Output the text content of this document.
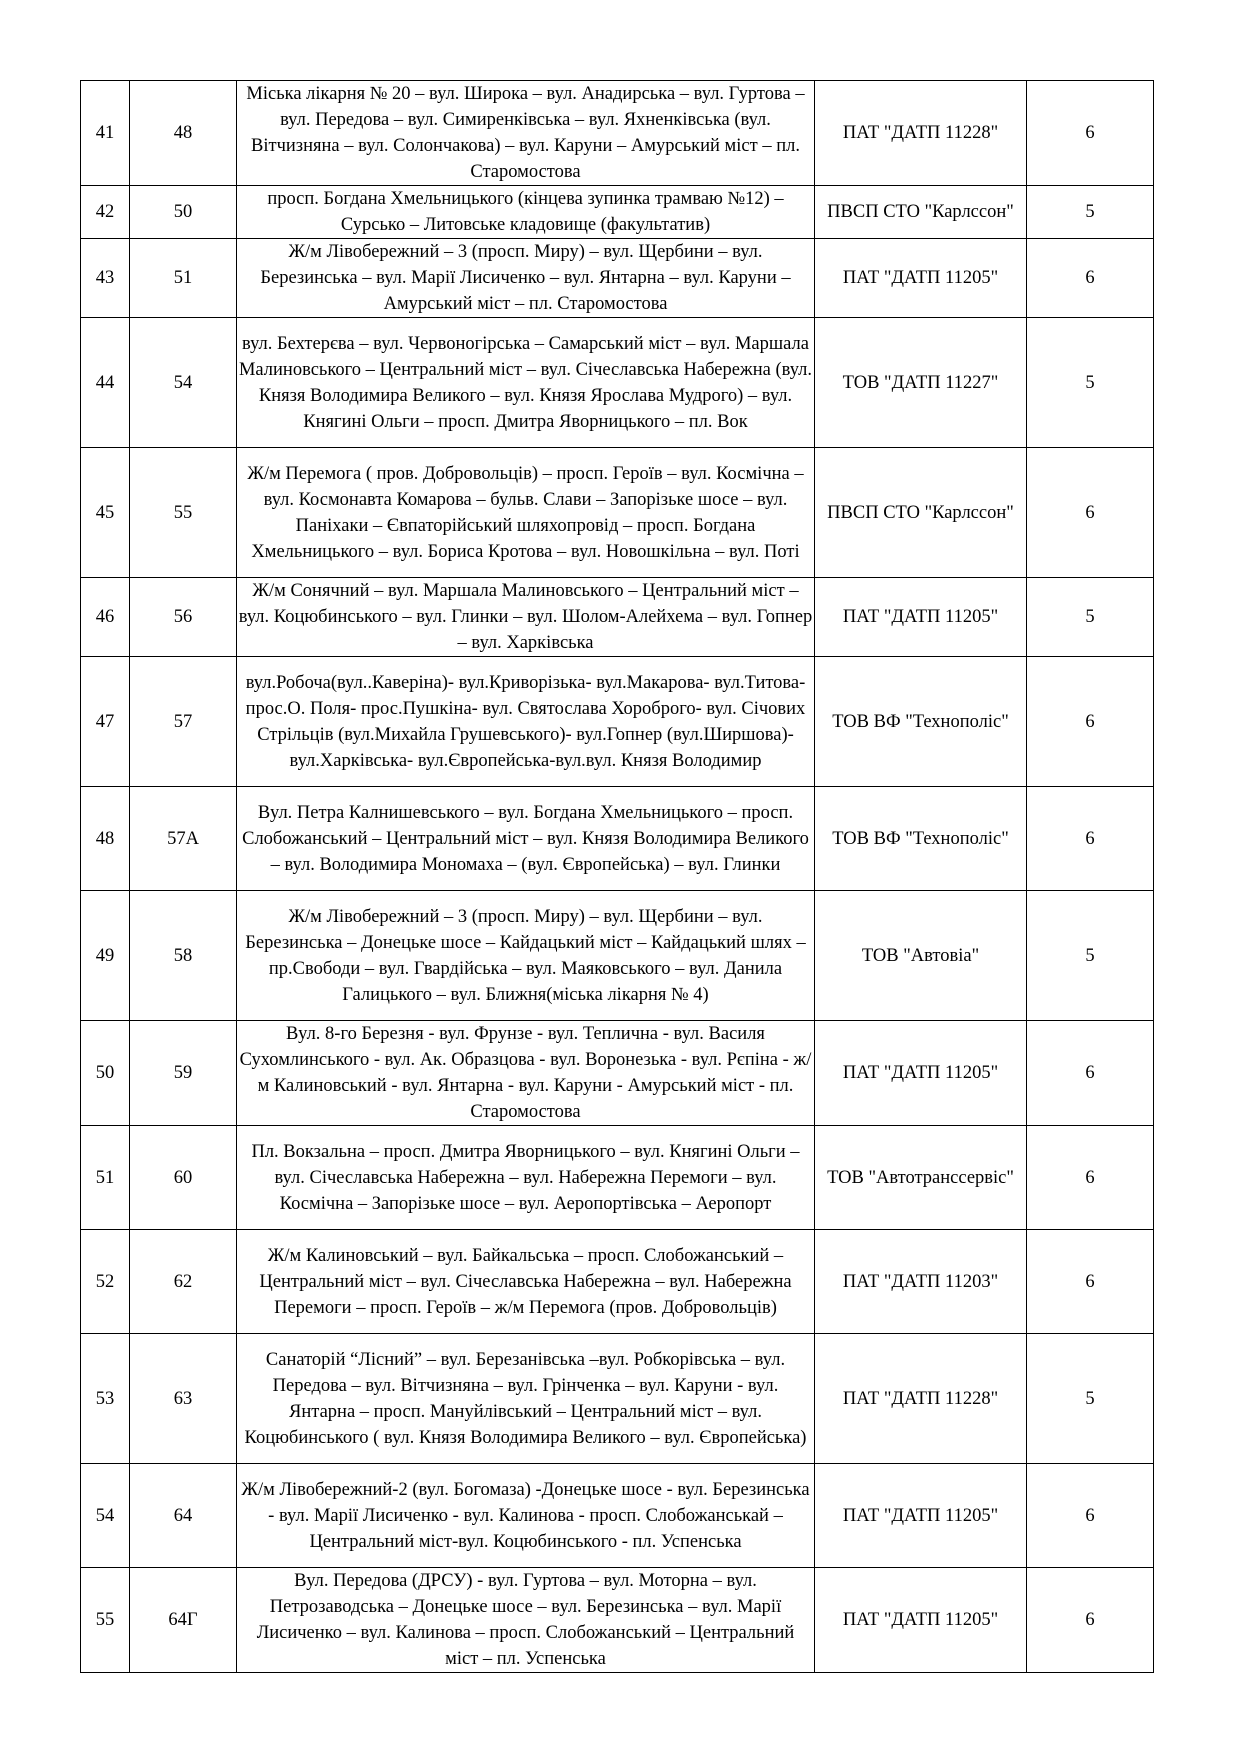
41	48	Міська лікарня № 20 – вул. Широка – вул. Анадирська – вул. Гуртова – вул. Передова – вул. Симиренківська – вул. Яхненківська (вул. Вітчизняна – вул. Солончакова) – вул. Каруни – Амурський міст – пл. Старомостова	ПАТ "ДАТП 11228"	6
42	50	просп. Богдана Хмельницького (кінцева зупинка трамваю №12) – Сурсько – Литовське кладовище (факультатив)	ПВСП СТО "Карлссон"	5
43	51	Ж/м Лівобережний – 3 (просп. Миру) – вул. Щербини – вул. Березинська – вул. Марії Лисиченко – вул. Янтарна – вул. Каруни – Амурський міст – пл. Старомостова	ПАТ "ДАТП 11205"	6
44	54	вул. Бехтерєва – вул. Червоногірська – Самарський міст – вул. Маршала Малиновського – Центральний міст – вул. Січеславська Набережна (вул. Князя Володимира Великого – вул. Князя Ярослава Мудрого) – вул. Княгині Ольги – просп. Дмитра Яворницького – пл. Вок	ТОВ "ДАТП 11227"	5
45	55	Ж/м Перемога ( пров. Добровольців) – просп. Героїв – вул. Космічна – вул. Космонавта Комарова – бульв. Слави – Запорізьке шосе – вул. Паніхаки – Євпаторійський шляхопровід – просп. Богдана Хмельницького – вул. Бориса Кротова – вул. Новошкільна – вул. Поті	ПВСП СТО "Карлссон"	6
46	56	Ж/м Сонячний – вул. Маршала Малиновського – Центральний міст – вул. Коцюбинського – вул. Глинки – вул. Шолом-Алейхема – вул. Гопнер – вул. Харківська	ПАТ "ДАТП 11205"	5
47	57	вул.Робоча(вул..Каверіна)- вул.Криворізька- вул.Макарова- вул.Титова- прос.О. Поля- прос.Пушкіна- вул. Святослава Хороброго- вул. Січових Стрільців (вул.Михайла Грушевського)- вул.Гопнер (вул.Ширшова)-вул.Харківська- вул.Європейська-вул.вул. Князя Володимир	ТОВ ВФ "Технополіс"	6
48	57А	Вул. Петра Калнишевського – вул. Богдана Хмельницького – просп. Слобожанський – Центральний міст – вул. Князя Володимира Великого – вул. Володимира Мономаха – (вул. Європейська) – вул. Глинки	ТОВ ВФ "Технополіс"	6
49	58	Ж/м Лівобережний – 3 (просп. Миру) – вул. Щербини – вул. Березинська – Донецьке шосе – Кайдацький міст – Кайдацький шлях – пр.Свободи – вул. Гвардійська – вул. Маяковського – вул. Данила Галицького – вул. Ближня(міська лікарня № 4)	ТОВ "Автовіа"	5
50	59	Вул. 8-го Березня - вул. Фрунзе - вул. Теплична - вул. Василя Сухомлинського - вул. Ак. Образцова - вул. Воронезька - вул. Рєпіна - ж/м Калиновський - вул. Янтарна - вул. Каруни - Амурський міст - пл. Старомостова	ПАТ "ДАТП 11205"	6
51	60	Пл. Вокзальна – просп. Дмитра Яворницького – вул. Княгині Ольги – вул. Січеславська Набережна – вул. Набережна Перемоги – вул. Космічна – Запорізьке шосе – вул. Аеропортівська – Аеропорт	ТОВ "Автотранссервіс"	6
52	62	Ж/м Калиновський – вул. Байкальська – просп. Слобожанський – Центральний міст – вул. Січеславська Набережна – вул. Набережна Перемоги – просп. Героїв – ж/м Перемога (пров. Добровольців)	ПАТ "ДАТП 11203"	6
53	63	Санаторій “Лісний” – вул. Березанівська –вул. Робкорівська – вул. Передова – вул. Вітчизняна – вул. Грінченка – вул. Каруни - вул. Янтарна – просп. Мануйлівський – Центральний міст – вул. Коцюбинського ( вул. Князя Володимира Великого – вул. Європейська)	ПАТ "ДАТП 11228"	5
54	64	Ж/м Лівобережний-2 (вул. Богомаза) -Донецьке шосе - вул. Березинська - вул. Марії Лисиченко - вул. Калинова - просп. Слобожанськай – Центральний міст-вул. Коцюбинського - пл. Успенська	ПАТ "ДАТП 11205"	6
55	64Г	Вул. Передова (ДРСУ) - вул. Гуртова – вул. Моторна – вул. Петрозаводська – Донецьке шосе – вул. Березинська – вул. Марії Лисиченко – вул. Калинова – просп. Слобожанський – Центральний міст – пл. Успенська	ПАТ "ДАТП 11205"	6
